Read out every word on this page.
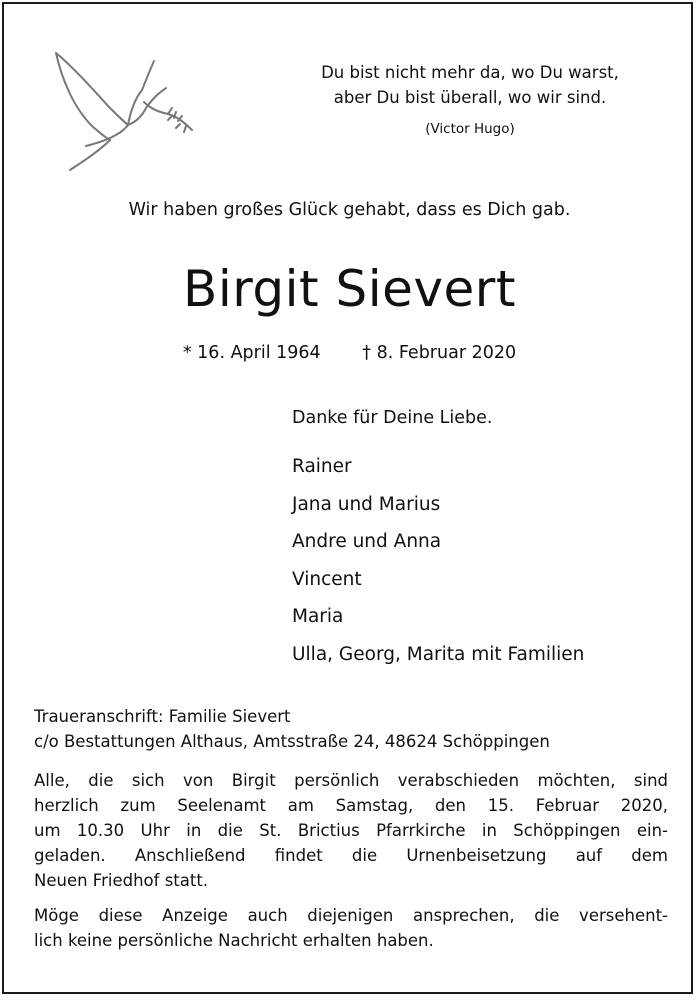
Du bist nicht mehr da, wo Du warst,
aber Du bist überall, wo wir sind.
(Victor Hugo)
Wir haben großes Glück gehabt, dass es Dich gab.
Birgit Sievert
* 16. April 1964 † 8. Februar 2020
Danke für Deine Liebe.
Rainer
Jana und Marius
Andre und Anna
Vincent
Maria
Ulla, Georg, Marita mit Familien

Traueranschrift: Familie Sievert

c/o Bestattungen Althaus, Amtsstraße 24, 48624 Schöppingen

Alle, die sich von Birgit persönlich verabschieden möchten, sind

herzlich zum Seelenamt am Samstag, den 15. Februar 2020,

um 10.30 Uhr in die St. Brictius Pfarrkirche in Schöppingen ein-

geladen. Anschließend findet die Urnenbeisetzung auf dem

Neuen Friedhof statt.

Möge diese Anzeige auch diejenigen ansprechen, die versehent-

lich keine persönliche Nachricht erhalten haben.
